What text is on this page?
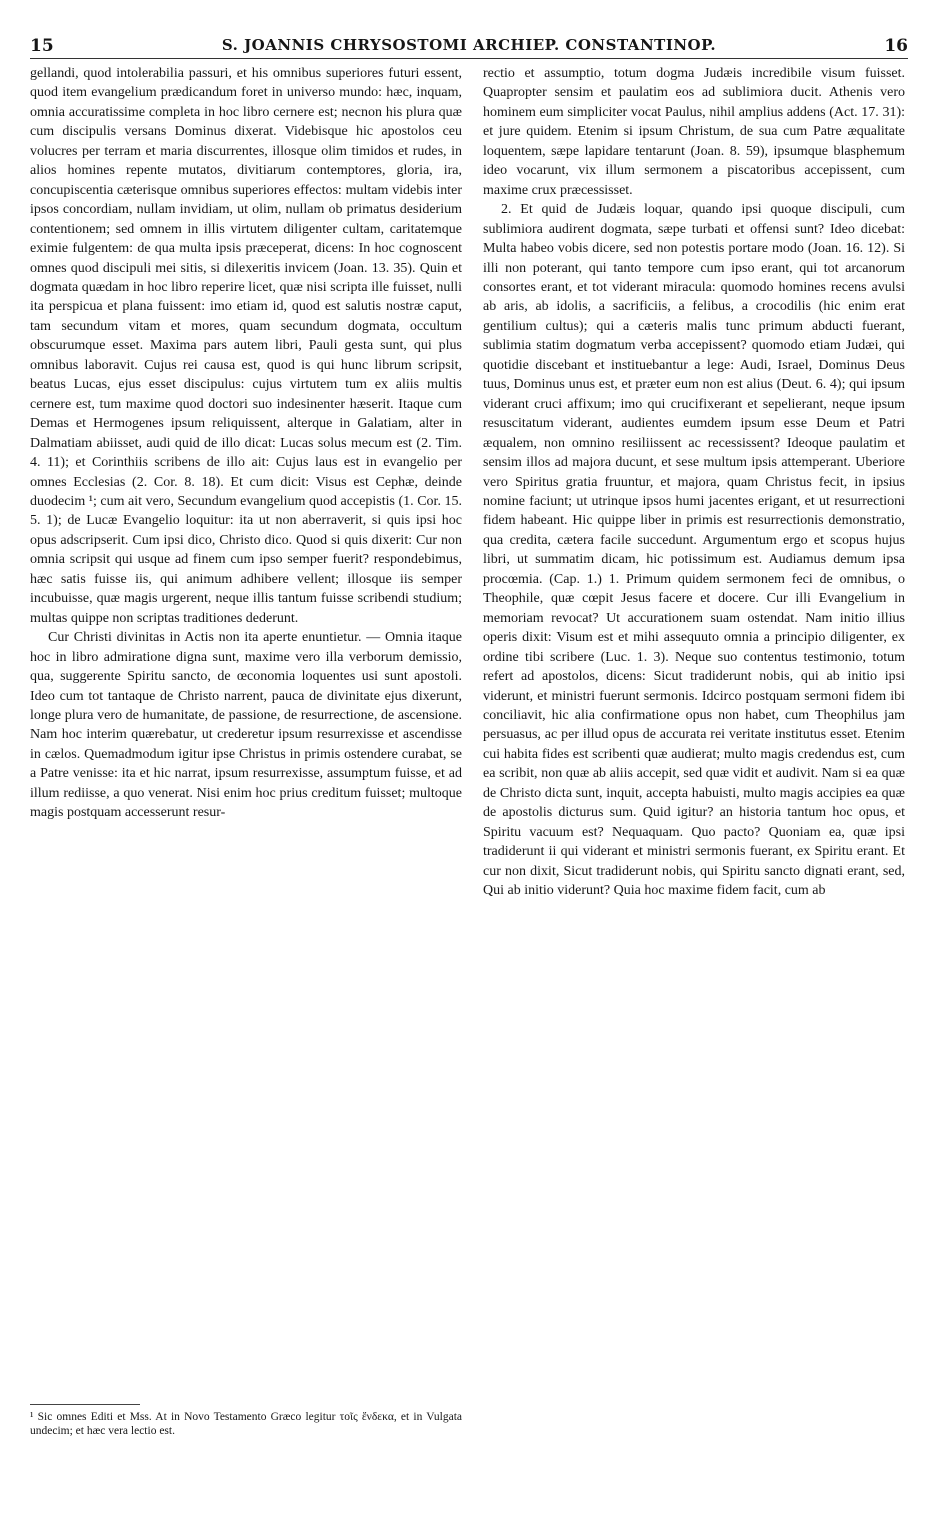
15	S. JOANNIS CHRYSOSTOMI ARCHIEP. CONSTANTINOP.	16

gellandi, quod intolerabilia passuri, et his omnibus superiores futuri essent, quod item evangelium prædicandum foret in universo mundo: hæc, inquam, omnia accuratissime completa in hoc libro cernere est; necnon his plura quæ cum discipulis versans Dominus dixerat. Videbisque hic apostolos ceu volucres per terram et maria discurrentes, illosque olim timidos et rudes, in alios homines repente mutatos, divitiarum contemptores, gloria, ira, concupiscentia cæterisque omnibus superiores effectos: multam videbis inter ipsos concordiam, nullam invidiam, ut olim, nullam ob primatus desiderium contentionem; sed omnem in illis virtutem diligenter cultam, caritatemque eximie fulgentem: de qua multa ipsis præceperat, dicens: In hoc cognoscent omnes quod discipuli mei sitis, si dilexeritis invicem (Joan. 13. 35). Quin et dogmata quædam in hoc libro reperire licet, quæ nisi scripta ille fuisset, nulli ita perspicua et plana fuissent: imo etiam id, quod est salutis nostræ caput, tam secundum vitam et mores, quam secundum dogmata, occultum obscurumque esset. Maxima pars autem libri, Pauli gesta sunt, qui plus omnibus laboravit. Cujus rei causa est, quod is qui hunc librum scripsit, beatus Lucas, ejus esset discipulus: cujus virtutem tum ex aliis multis cernere est, tum maxime quod doctori suo indesinenter hæserit. Itaque cum Demas et Hermogenes ipsum reliquissent, alterque in Galatiam, alter in Dalmatiam abiisset, audi quid de illo dicat: Lucas solus mecum est (2. Tim. 4. 11); et Corinthiis scribens de illo ait: Cujus laus est in evangelio per omnes Ecclesias (2. Cor. 8. 18). Et cum dicit: Visus est Cephæ, deinde duodecim ¹; cum ait vero, Secundum evangelium quod accepistis (1. Cor. 15. 5. 1); de Lucæ Evangelio loquitur: ita ut non aberraverit, si quis ipsi hoc opus adscripserit. Cum ipsi dico, Christo dico. Quod si quis dixerit: Cur non omnia scripsit qui usque ad finem cum ipso semper fuerit? respondebimus, hæc satis fuisse iis, qui animum adhibere vellent; illosque iis semper incubuisse, quæ magis urgerent, neque illis tantum fuisse scribendi studium; multas quippe non scriptas traditiones dederunt.

Cur Christi divinitas in Actis non ita aperte enuntietur. — Omnia itaque hoc in libro admiratione digna sunt, maxime vero illa verborum demissio, qua, suggerente Spiritu sancto, de œconomia loquentes usi sunt apostoli. Ideo cum tot tantaque de Christo narrent, pauca de divinitate ejus dixerunt, longe plura vero de humanitate, de passione, de resurrectione, de ascensione. Nam hoc interim quærebatur, ut crederetur ipsum resurrexisse et ascendisse in cælos. Quemadmodum igitur ipse Christus in primis ostendere curabat, se a Patre venisse: ita et hic narrat, ipsum resurrexisse, assumptum fuisse, et ad illum rediisse, a quo venerat. Nisi enim hoc prius creditum fuisset; multoque magis postquam accesserunt resur-

rectio et assumptio, totum dogma Judæis incredibile visum fuisset. Quapropter sensim et paulatim eos ad sublimiora ducit. Athenis vero hominem eum simpliciter vocat Paulus, nihil amplius addens (Act. 17. 31): et jure quidem. Etenim si ipsum Christum, de sua cum Patre æqualitate loquentem, sæpe lapidare tentarunt (Joan. 8. 59), ipsumque blasphemum ideo vocarunt, vix illum sermonem a piscatoribus accepissent, cum maxime crux præcessisset.

2. Et quid de Judæis loquar, quando ipsi quoque discipuli, cum sublimiora audirent dogmata, sæpe turbati et offensi sunt? Ideo dicebat: Multa habeo vobis dicere, sed non potestis portare modo (Joan. 16. 12). Si illi non poterant, qui tanto tempore cum ipso erant, qui tot arcanorum consortes erant, et tot viderant miracula: quomodo homines recens avulsi ab aris, ab idolis, a sacrificiis, a felibus, a crocodilis (hic enim erat gentilium cultus); qui a cæteris malis tunc primum abducti fuerant, sublimia statim dogmatum verba accepissent? quomodo etiam Judæi, qui quotidie discebant et instituebantur a lege: Audi, Israel, Dominus Deus tuus, Dominus unus est, et præter eum non est alius (Deut. 6. 4); qui ipsum viderant cruci affixum; imo qui crucifixerant et sepelierant, neque ipsum resuscitatum viderant, audientes eumdem ipsum esse Deum et Patri æqualem, non omnino resiliissent ac recessissent? Ideoque paulatim et sensim illos ad majora ducunt, et sese multum ipsis attemperant. Uberiore vero Spiritus gratia fruuntur, et majora, quam Christus fecit, in ipsius nomine faciunt; ut utrinque ipsos humi jacentes erigant, et ut resurrectioni fidem habeant. Hic quippe liber in primis est resurrectionis demonstratio, qua credita, cætera facile succedunt. Argumentum ergo et scopus hujus libri, ut summatim dicam, hic potissimum est. Audiamus demum ipsa procœmia. (Cap. 1.) 1. Primum quidem sermonem feci de omnibus, o Theophile, quæ cœpit Jesus facere et docere. Cur illi Evangelium in memoriam revocat? Ut accurationem suam ostendat. Nam initio illius operis dixit: Visum est et mihi assequuto omnia a principio diligenter, ex ordine tibi scribere (Luc. 1. 3). Neque suo contentus testimonio, totum refert ad apostolos, dicens: Sicut tradiderunt nobis, qui ab initio ipsi viderunt, et ministri fuerunt sermonis. Idcirco postquam sermoni fidem ibi conciliavit, hic alia confirmatione opus non habet, cum Theophilus jam persuasus, ac per illud opus de accurata rei veritate institutus esset. Etenim cui habita fides est scribenti quæ audierat; multo magis credendus est, cum ea scribit, non quæ ab aliis accepit, sed quæ vidit et audivit. Nam si ea quæ de Christo dicta sunt, inquit, accepta habuisti, multo magis accipies ea quæ de apostolis dicturus sum. Quid igitur? an historia tantum hoc opus, et Spiritu vacuum est? Nequaquam. Quo pacto? Quoniam ea, quæ ipsi tradiderunt ii qui viderant et ministri sermonis fuerant, ex Spiritu erant. Et cur non dixit, Sicut tradiderunt nobis, qui Spiritu sancto dignati erant, sed, Qui ab initio viderunt? Quia hoc maxime fidem facit, cum ab

¹ Sic omnes Editi et Mss. At in Novo Testamento Græco legitur τοῖς ἕνδεκα, et in Vulgata undecim; et hæc vera lectio est.
